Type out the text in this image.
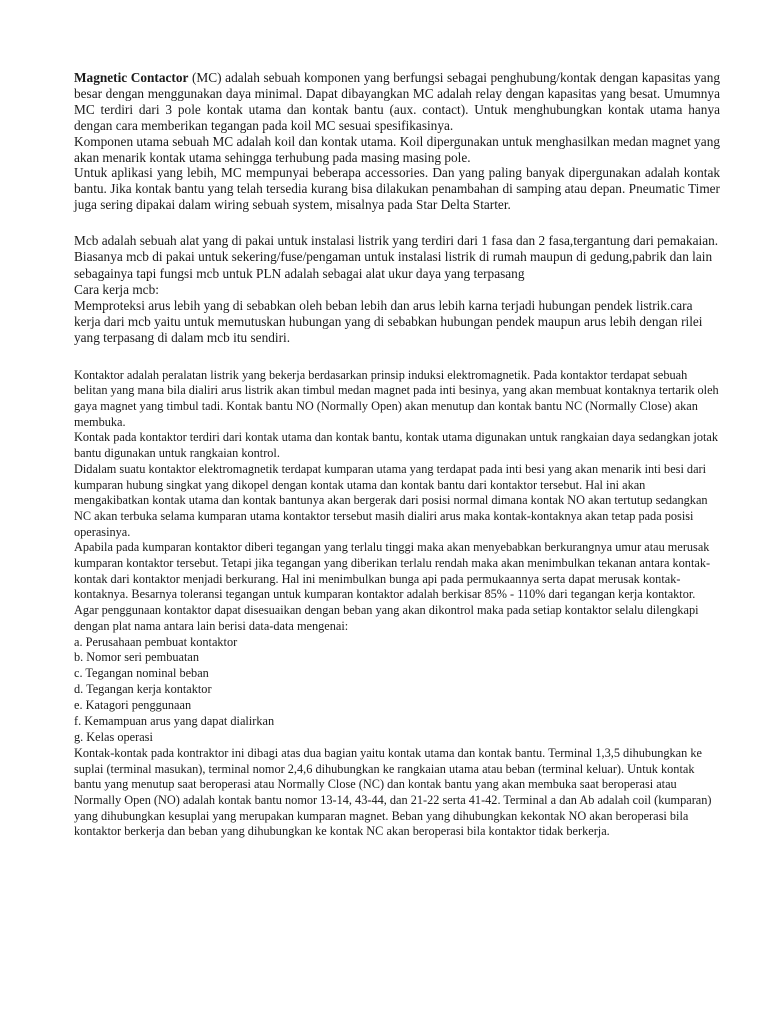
Magnetic Contactor (MC) adalah sebuah komponen yang berfungsi sebagai penghubung/kontak dengan kapasitas yang besar dengan menggunakan daya minimal. Dapat dibayangkan MC adalah relay dengan kapasitas yang besat. Umumnya MC terdiri dari 3 pole kontak utama dan kontak bantu (aux. contact). Untuk menghubungkan kontak utama hanya dengan cara memberikan tegangan pada koil MC sesuai spesifikasinya.

Komponen utama sebuah MC adalah koil dan kontak utama. Koil dipergunakan untuk menghasilkan medan magnet yang akan menarik kontak utama sehingga terhubung pada masing masing pole.

Untuk aplikasi yang lebih, MC mempunyai beberapa accessories. Dan yang paling banyak dipergunakan adalah kontak bantu. Jika kontak bantu yang telah tersedia kurang bisa dilakukan penambahan di samping atau depan. Pneumatic Timer juga sering dipakai dalam wiring sebuah system, misalnya pada Star Delta Starter.

Mcb adalah sebuah alat yang di pakai untuk instalasi listrik yang terdiri dari 1 fasa dan 2 fasa,tergantung dari pemakaian.

Biasanya mcb di pakai untuk sekering/fuse/pengaman untuk instalasi listrik di rumah maupun di gedung,pabrik dan lain sebagainya tapi fungsi mcb untuk PLN adalah sebagai alat ukur daya yang terpasang

Cara kerja mcb:

Memproteksi arus lebih yang di sebabkan oleh beban lebih dan arus lebih karna terjadi hubungan pendek listrik.cara kerja dari mcb yaitu untuk memutuskan hubungan yang di sebabkan hubungan pendek maupun arus lebih dengan rilei yang terpasang di dalam mcb itu sendiri.

Kontaktor adalah peralatan listrik yang bekerja berdasarkan prinsip induksi elektromagnetik. Pada kontaktor terdapat sebuah belitan yang mana bila dialiri arus listrik akan timbul medan magnet pada inti besinya, yang akan membuat kontaknya tertarik oleh gaya magnet yang timbul tadi. Kontak bantu NO (Normally Open) akan menutup dan kontak bantu NC (Normally Close) akan membuka.

Kontak pada kontaktor terdiri dari kontak utama dan kontak bantu, kontak utama digunakan untuk rangkaian daya sedangkan jotak bantu digunakan untuk rangkaian kontrol.

Didalam suatu kontaktor elektromagnetik terdapat kumparan utama yang terdapat pada inti besi yang akan menarik inti besi dari kumparan hubung singkat yang dikopel dengan kontak utama dan kontak bantu dari kontaktor tersebut. Hal ini akan mengakibatkan kontak utama dan kontak bantunya akan bergerak dari posisi normal dimana kontak NO akan tertutup sedangkan NC akan terbuka selama kumparan utama kontaktor tersebut masih dialiri arus maka kontak-kontaknya akan tetap pada posisi operasinya.

Apabila pada kumparan kontaktor diberi tegangan yang terlalu tinggi maka akan menyebabkan berkurangnya umur atau merusak kumparan kontaktor tersebut. Tetapi jika tegangan yang diberikan terlalu rendah maka akan menimbulkan tekanan antara kontak-kontak dari kontaktor menjadi berkurang. Hal ini menimbulkan bunga api pada permukaannya serta dapat merusak kontak-kontaknya. Besarnya toleransi tegangan untuk kumparan kontaktor adalah berkisar 85% - 110% dari tegangan kerja kontaktor.

Agar penggunaan kontaktor dapat disesuaikan dengan beban yang akan dikontrol maka pada setiap kontaktor selalu dilengkapi dengan plat nama antara lain berisi data-data mengenai:

a. Perusahaan pembuat kontaktor
b. Nomor seri pembuatan
c. Tegangan nominal beban
d. Tegangan kerja kontaktor
e. Katagori penggunaan
f. Kemampuan arus yang dapat dialirkan
g. Kelas operasi

Kontak-kontak pada kontraktor ini dibagi atas dua bagian yaitu kontak utama dan kontak bantu. Terminal 1,3,5 dihubungkan ke suplai (terminal masukan), terminal nomor 2,4,6 dihubungkan ke rangkaian utama atau beban (terminal keluar). Untuk kontak bantu yang menutup saat beroperasi atau Normally Close (NC) dan kontak bantu yang akan membuka saat beroperasi atau Normally Open (NO) adalah kontak bantu nomor 13-14, 43-44, dan 21-22 serta 41-42. Terminal a dan Ab adalah coil (kumparan) yang dihubungkan kesuplai yang merupakan kumparan magnet. Beban yang dihubungkan kekontak NO akan beroperasi bila kontaktor berkerja dan beban yang dihubungkan ke kontak NC akan beroperasi bila kontaktor tidak berkerja.
